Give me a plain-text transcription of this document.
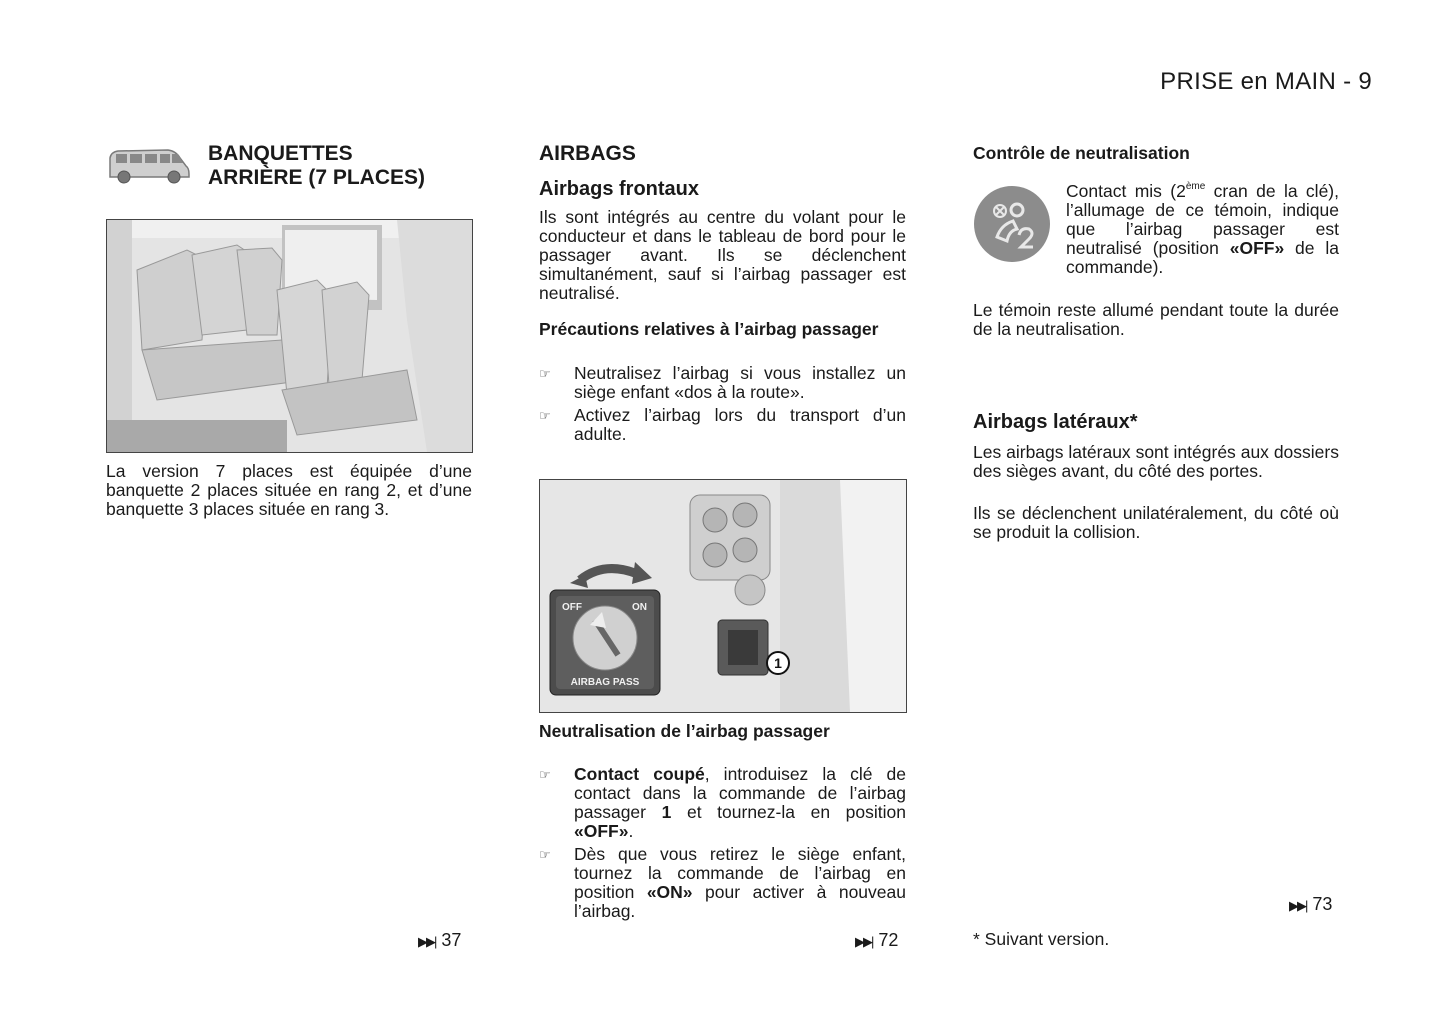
PRISE en MAIN - 9
BANQUETTES
ARRIÈRE (7 PLACES)
La version 7 places est équipée d’une banquette 2 places située en rang 2, et d’une banquette 3 places située en rang 3.
▶▶| 37
AIRBAGS
Airbags frontaux
Ils sont intégrés au centre du volant pour le conducteur et dans le tableau de bord pour le passager avant. Ils se déclenchent simultanément, sauf si l’airbag passager est neutralisé.
Précautions relatives à l’airbag passager
☞	Neutralisez l’airbag si vous installez un siège enfant «dos à la route».
☞	Activez l’airbag lors du transport d’un adulte.
1
OFF	ON
AIRBAG PASS
Neutralisation de l’airbag passager
☞	Contact coupé, introduisez la clé de contact dans la commande de l’airbag passager 1 et tournez-la en position «OFF».
☞	Dès que vous retirez le siège enfant, tournez la commande de l’airbag en position «ON» pour activer à nouveau l’airbag.
▶▶| 72
Contrôle de neutralisation
Contact mis (2ème cran de la clé), l’allumage de ce témoin, indique que l’airbag passager est neutralisé (position «OFF» de la commande).
Le témoin reste allumé pendant toute la durée de la neutralisation.
Airbags latéraux*
Les airbags latéraux sont intégrés aux dossiers des sièges avant, du côté des portes.
Ils se déclenchent unilatéralement, du côté où se produit la collision.
▶▶| 73
* Suivant version.
